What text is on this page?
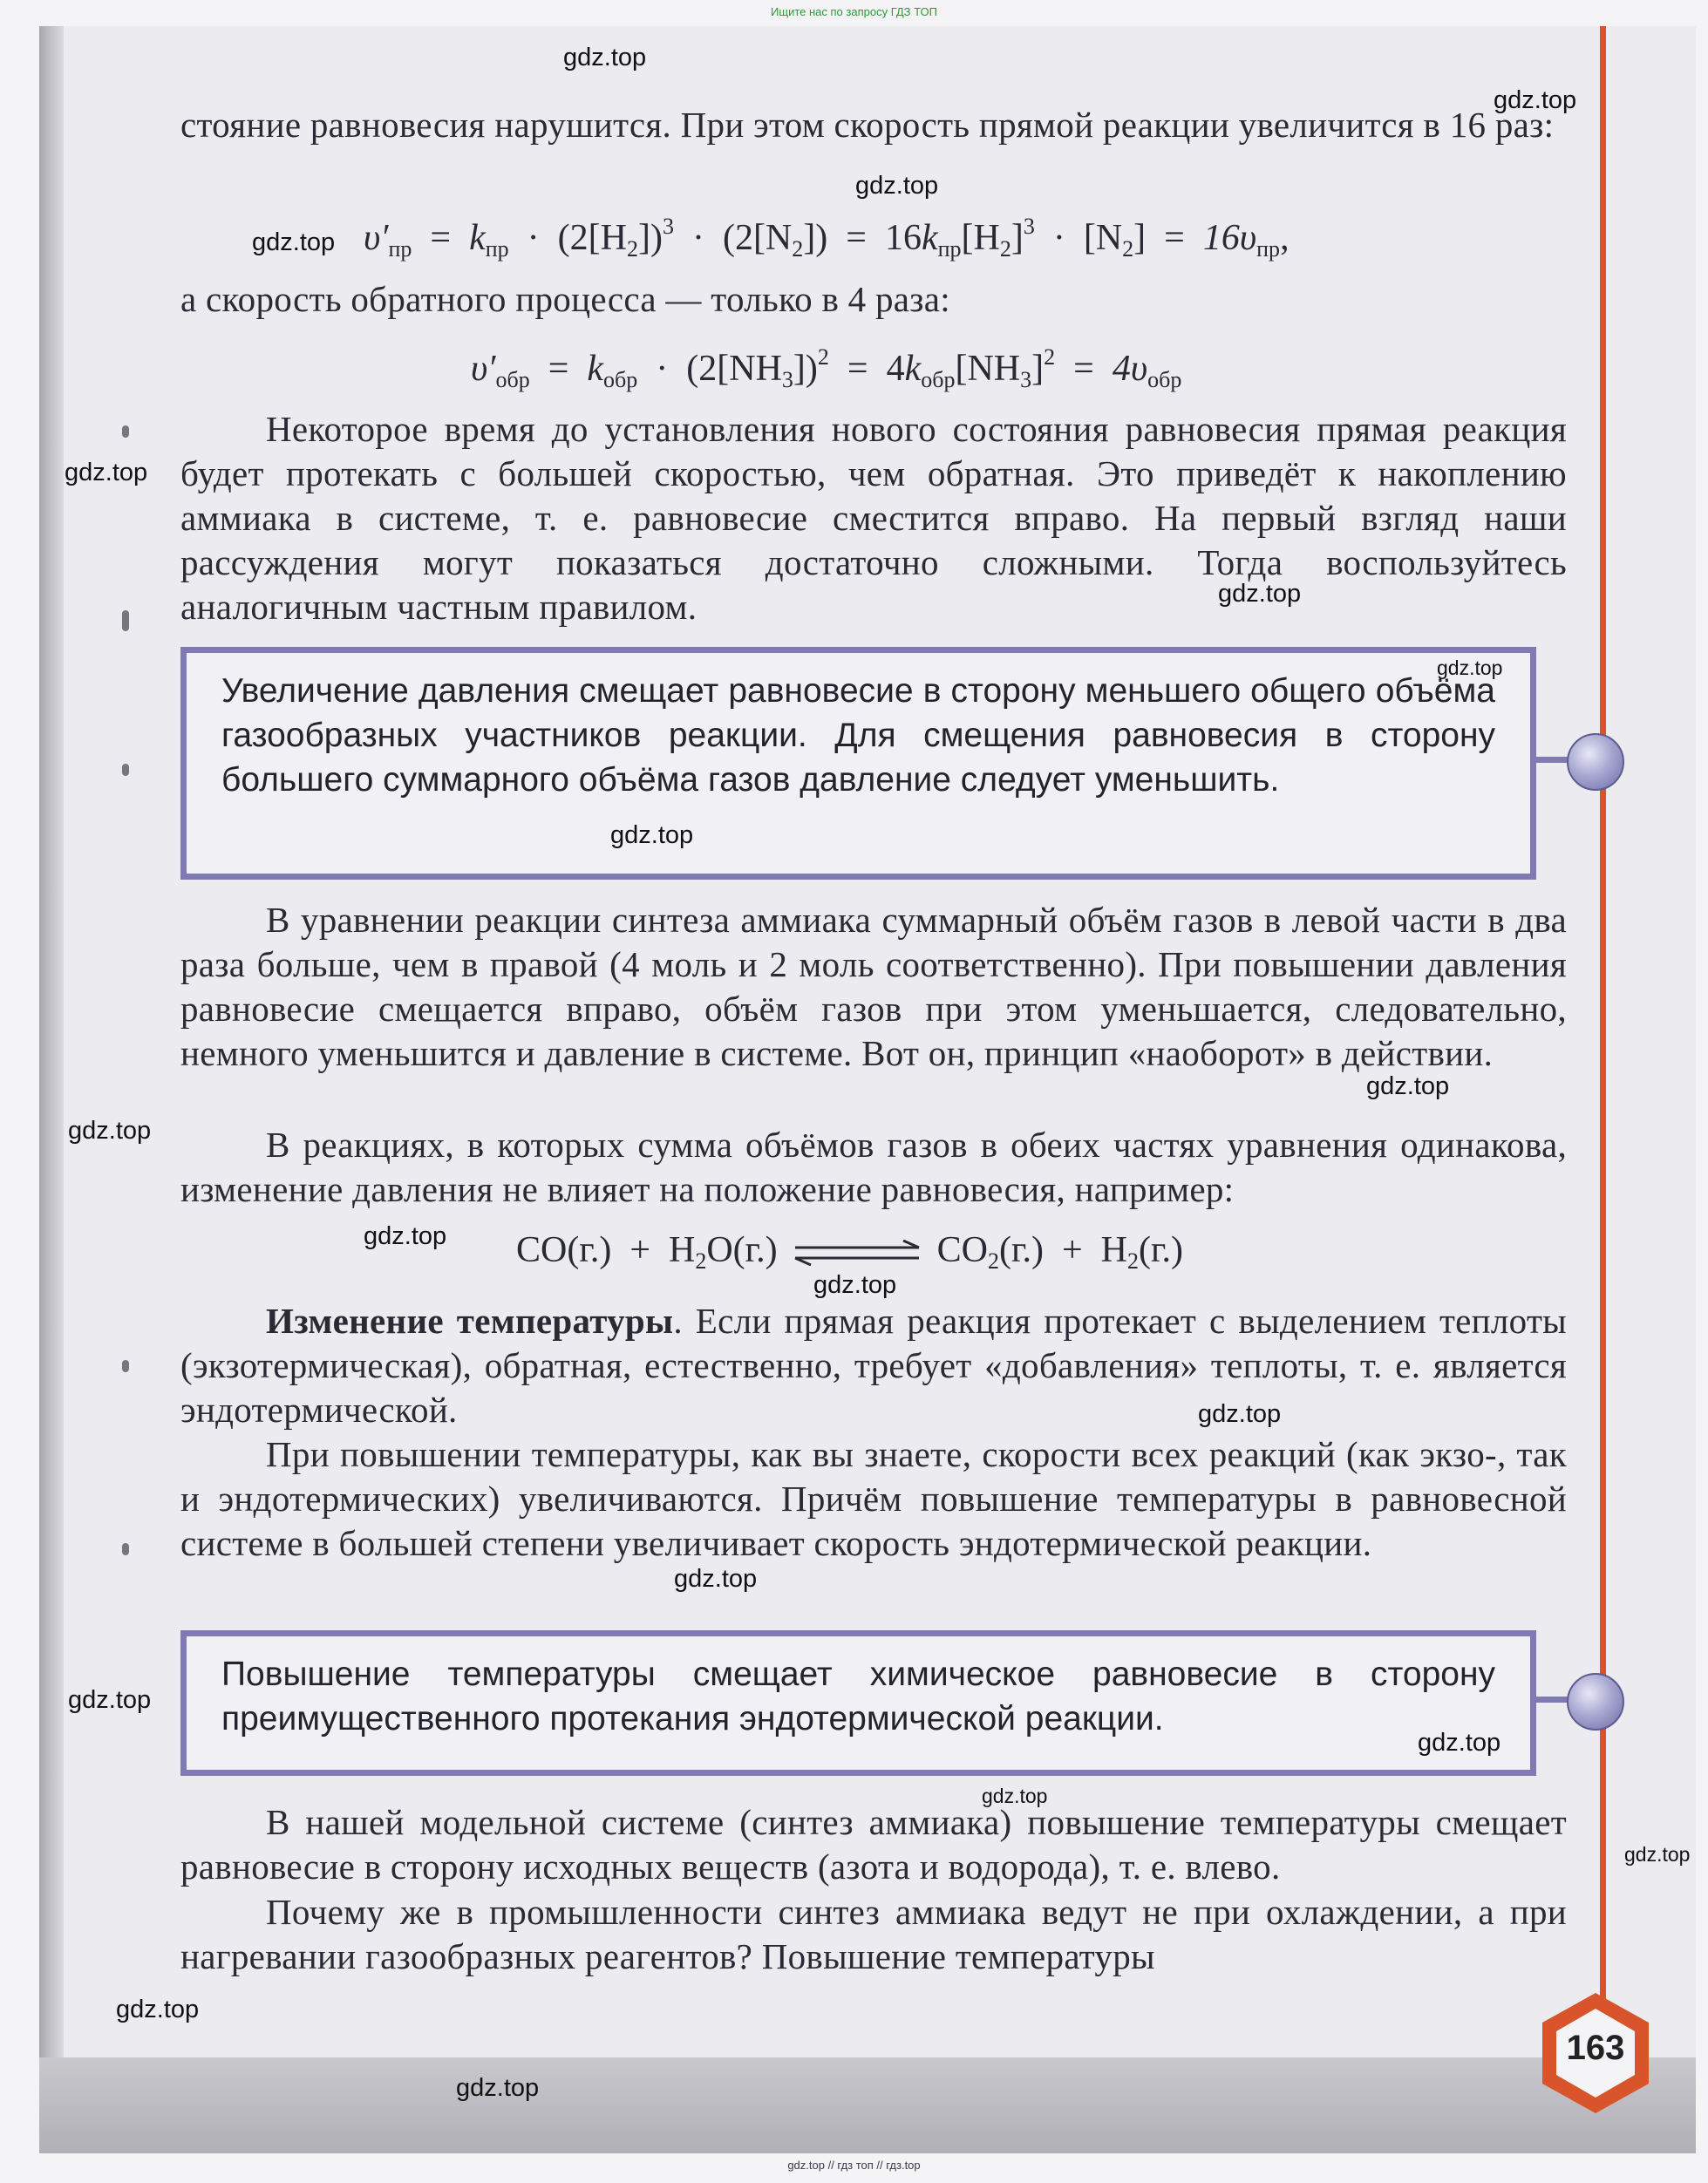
Ищите нас по запросу ГДЗ ТОП

стояние равновесия нарушится. При этом скорость прямой реакции увеличится в 16 раз:

$\upsilon'_{пр} = k_{пр} \cdot (2[H_2])^3 \cdot (2[N_2]) = 16k_{пр}[H_2]^3 \cdot [N_2] = 16\upsilon_{пр}$,

а скорость обратного процесса — только в 4 раза:

$\upsilon'_{обр} = k_{обр} \cdot (2[NH_3])^2 = 4k_{обр}[NH_3]^2 = 4\upsilon_{обр}$

Некоторое время до установления нового состояния равновесия прямая реакция будет протекать с большей скоростью, чем обратная. Это приведёт к накоплению аммиака в системе, т. е. равновесие сместится вправо. На первый взгляд наши рассуждения могут показаться достаточно сложными. Тогда воспользуйтесь аналогичным частным правилом.

Увеличение давления смещает равновесие в сторону меньшего общего объёма газообразных участников реакции. Для смещения равновесия в сторону большего суммарного объёма газов давление следует уменьшить.

В уравнении реакции синтеза аммиака суммарный объём газов в левой части в два раза больше, чем в правой (4 моль и 2 моль соответственно). При повышении давления равновесие смещается вправо, объём газов при этом уменьшается, следовательно, немного уменьшится и давление в системе. Вот он, принцип «наоборот» в действии.

В реакциях, в которых сумма объёмов газов в обеих частях уравнения одинакова, изменение давления не влияет на положение равновесия, например:

$CO(г.) + H_2O(г.)$ ⇌ $CO_2(г.) + H_2(г.)$

Изменение температуры. Если прямая реакция протекает с выделением теплоты (экзотермическая), обратная, естественно, требует «добавления» теплоты, т. е. является эндотермической.

При повышении температуры, как вы знаете, скорости всех реакций (как экзо-, так и эндотермических) увеличиваются. Причём повышение температуры в равновесной системе в большей степени увеличивает скорость эндотермической реакции.

Повышение температуры смещает химическое равновесие в сторону преимущественного протекания эндотермической реакции.

В нашей модельной системе (синтез аммиака) повышение температуры смещает равновесие в сторону исходных веществ (азота и водорода), т. е. влево.

Почему же в промышленности синтез аммиака ведут не при охлаждении, а при нагревании газообразных реагентов? Повышение температуры

163
gdz.top
gdz.top
gdz.top
gdz.top
gdz.top
gdz.top
gdz.top
gdz.top
gdz.top
gdz.top
gdz.top
gdz.top
gdz.top
gdz.top
gdz.top
gdz.top
gdz.top
gdz.top
gdz.top
gdz.top
gdz.top // гдз топ // гдз.top
